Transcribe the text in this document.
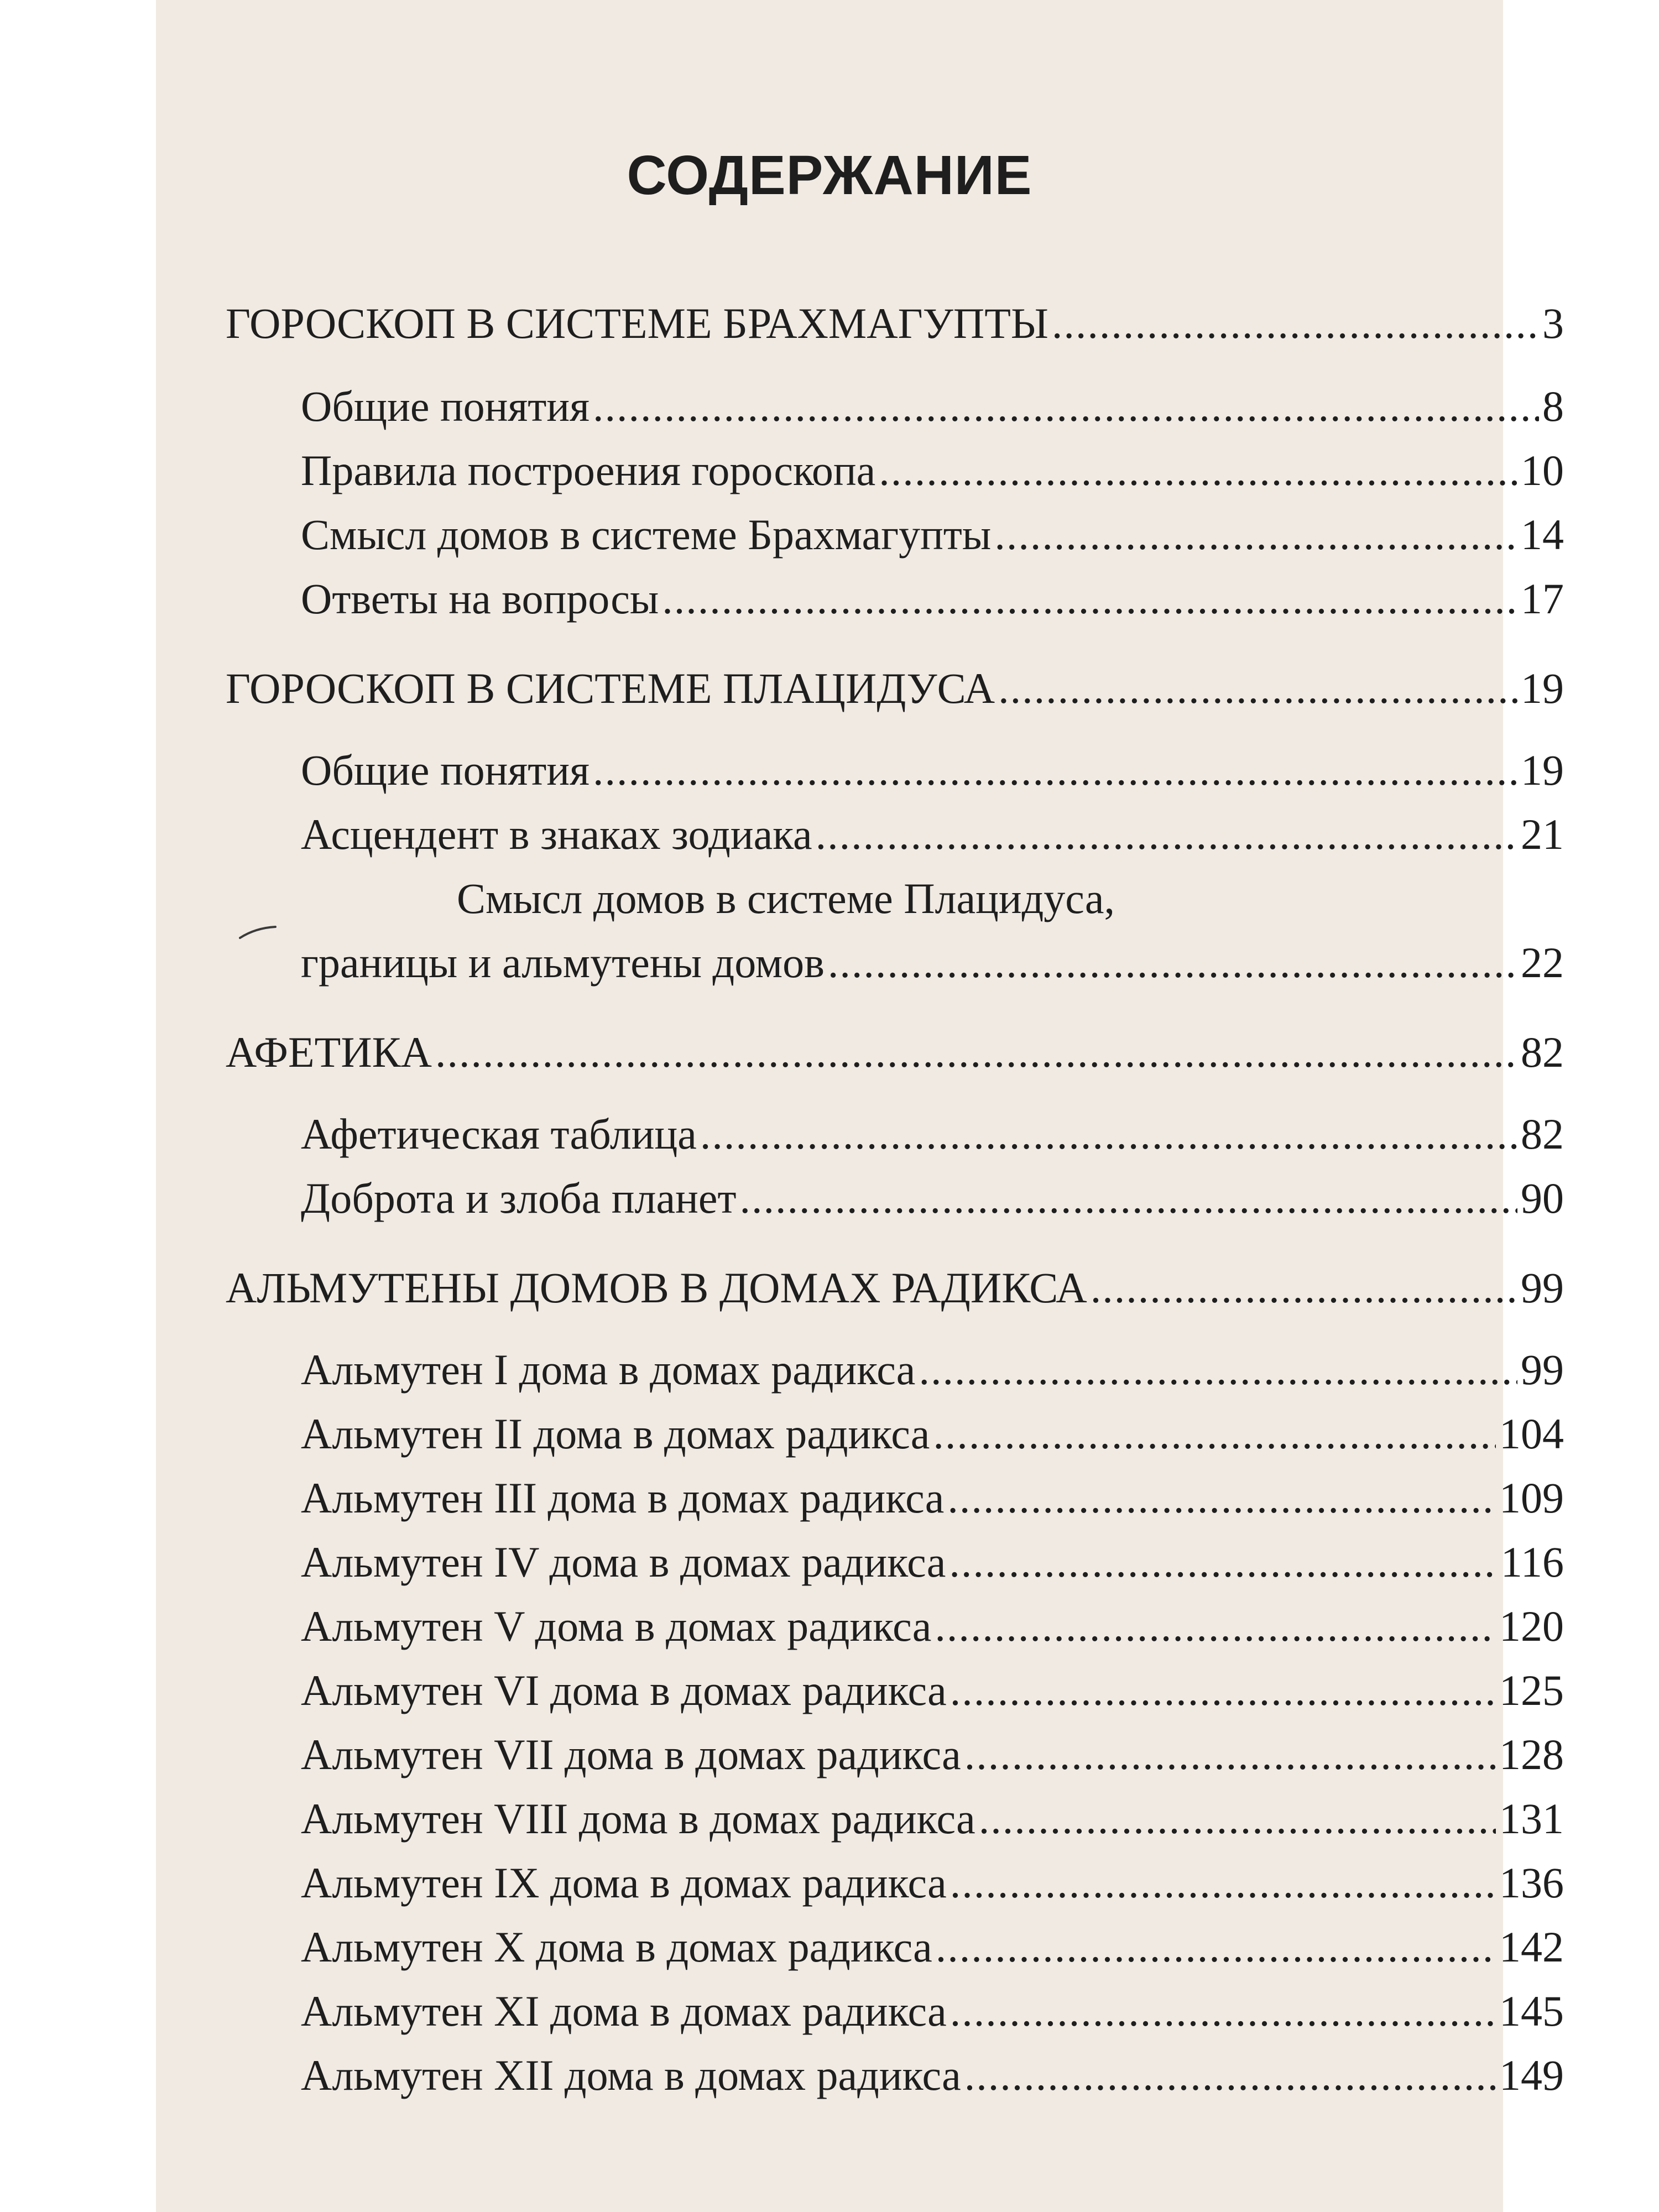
СОДЕРЖАНИЕ
ГОРОСКОП В СИСТЕМЕ БРАХМАГУПТЫ .....	3
Общие понятия .....	8
Правила построения гороскопа .....	10
Смысл домов в системе Брахмагупты .....	14
Ответы на вопросы .....	17
ГОРОСКОП В СИСТЕМЕ ПЛАЦИДУСА .....	19
Общие понятия .....	19
Асцендент в знаках зодиака .....	21
Смысл домов в системе Плацидуса,
границы и альмутены домов .....	22
АФЕТИКА .....	82
Афетическая таблица .....	82
Доброта и злоба планет .....	90
АЛЬМУТЕНЫ ДОМОВ В ДОМАХ РАДИКСА .....	99
Альмутен I дома в домах радикса .....	99
Альмутен II дома в домах радикса .....	104
Альмутен III дома в домах радикса .....	109
Альмутен IV дома в домах радикса .....	116
Альмутен V дома в домах радикса .....	120
Альмутен VI дома в домах радикса .....	125
Альмутен VII дома в домах радикса .....	128
Альмутен VIII дома в домах радикса .....	131
Альмутен IX дома в домах радикса .....	136
Альмутен X дома в домах радикса .....	142
Альмутен XI дома в домах радикса .....	145
Альмутен XII дома в домах радикса .....	149
